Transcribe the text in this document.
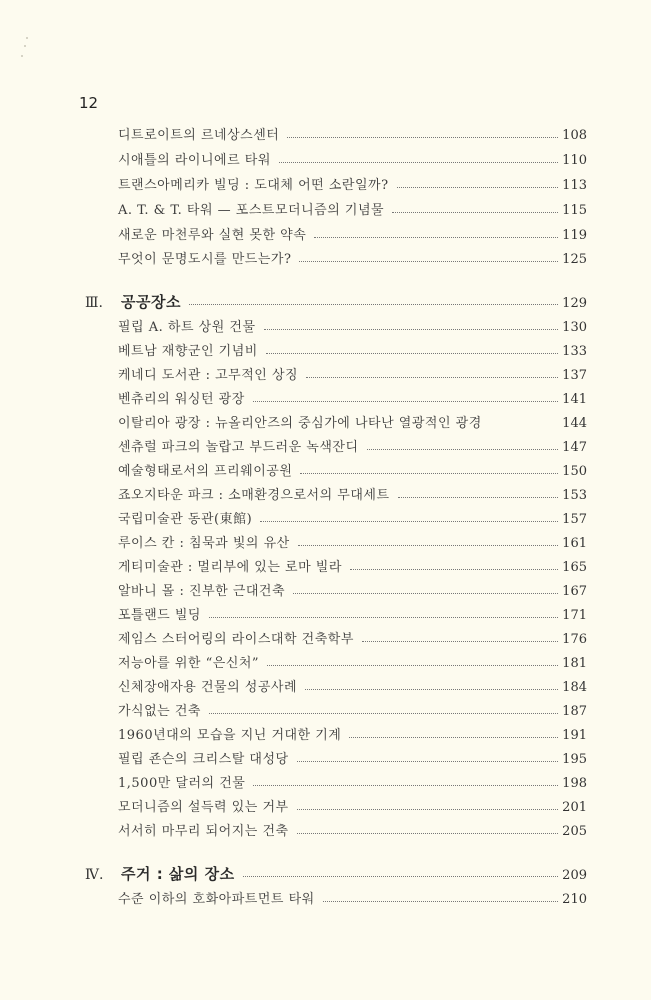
12
디트로이트의 르네상스센터	108
시애틀의 라이니에르 타워	110
트랜스아메리카 빌딩 : 도대체 어떤 소란일까?	113
A. T. & T. 타워 — 포스트모더니즘의 기념물	115
새로운 마천루와 실현 못한 약속	119
무엇이 문명도시를 만드는가?	125
Ⅲ.	공공장소	129
필립 A. 하트 상원 건물	130
베트남 재향군인 기념비	133
케네디 도서관 : 고무적인 상징	137
벤츄리의 워싱턴 광장	141
이탈리아 광장 : 뉴올리안즈의 중심가에 나타난 열광적인 광경	144
센츄럴 파크의 놀랍고 부드러운 녹색잔디	147
예술형태로서의 프리웨이공원	150
죠오지타운 파크 : 소매환경으로서의 무대세트	153
국립미술관 동관(東館)	157
루이스 칸 : 침묵과 빛의 유산	161
게티미술관 : 멀리부에 있는 로마 빌라	165
알바니 몰 : 진부한 근대건축	167
포틀랜드 빌딩	171
제임스 스터어링의 라이스대학 건축학부	176
저능아를 위한 “은신처”	181
신체장애자용 건물의 성공사례	184
가식없는 건축	187
1960년대의 모습을 지닌 거대한 기계	191
필립 죤슨의 크리스탈 대성당	195
1,500만 달러의 건물	198
모더니즘의 설득력 있는 거부	201
서서히 마무리 되어지는 건축	205
Ⅳ.	주거 : 삶의 장소	209
수준 이하의 호화아파트먼트 타워	210
